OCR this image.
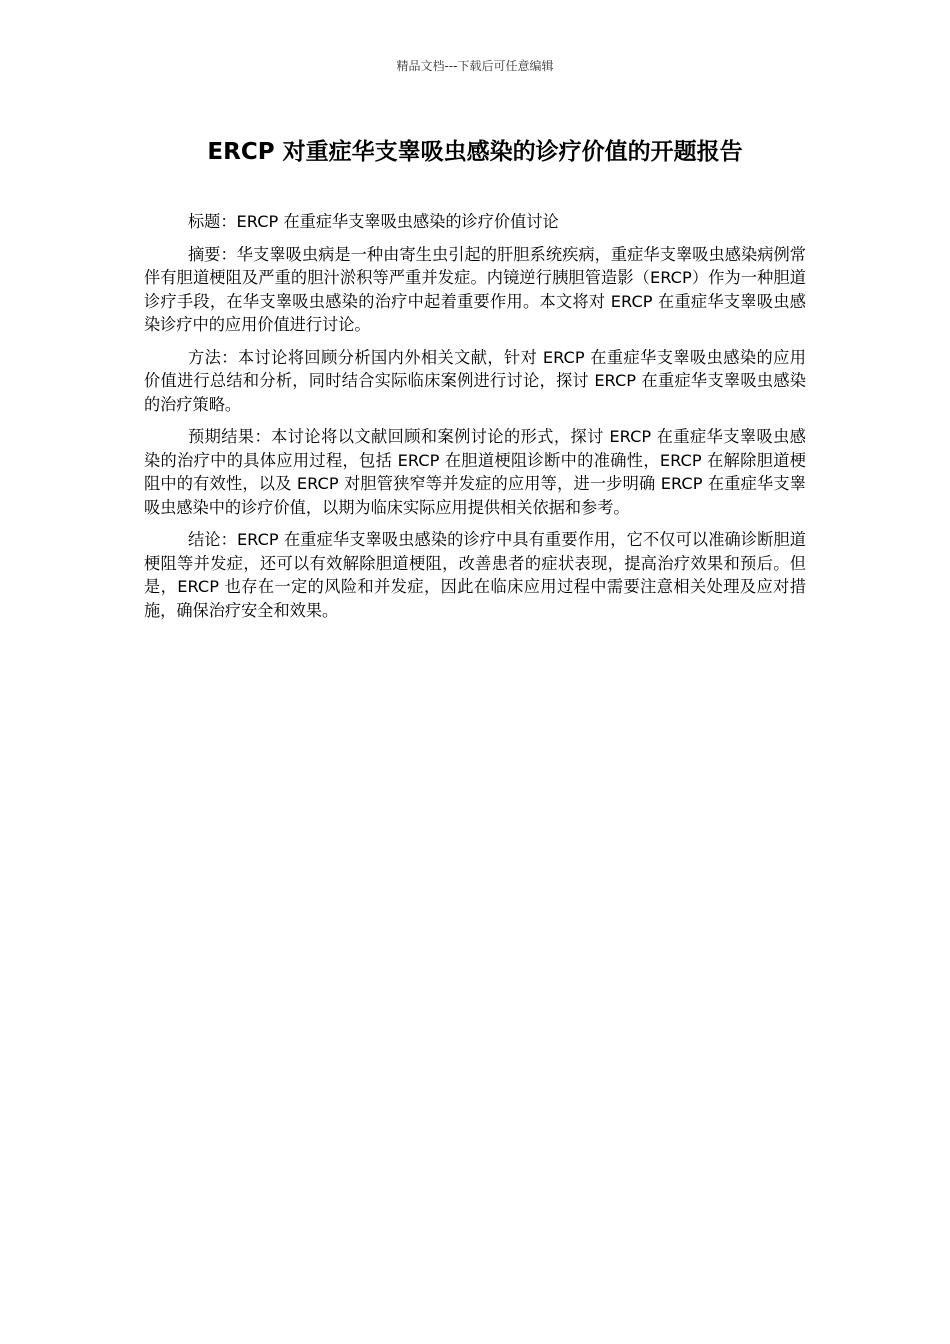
精品文档---下载后可任意编辑
ERCP 对重症华支睾吸虫感染的诊疗价值的开题报告

标题：ERCP 在重症华支睾吸虫感染的诊疗价值讨论

摘要：华支睾吸虫病是一种由寄生虫引起的肝胆系统疾病，重症华支睾吸虫感染病例常伴有胆道梗阻及严重的胆汁淤积等严重并发症。内镜逆行胰胆管造影（ERCP）作为一种胆道诊疗手段，在华支睾吸虫感染的治疗中起着重要作用。本文将对 ERCP 在重症华支睾吸虫感染诊疗中的应用价值进行讨论。

方法：本讨论将回顾分析国内外相关文献，针对 ERCP 在重症华支睾吸虫感染的应用价值进行总结和分析，同时结合实际临床案例进行讨论，探讨 ERCP 在重症华支睾吸虫感染的治疗策略。

预期结果：本讨论将以文献回顾和案例讨论的形式，探讨 ERCP 在重症华支睾吸虫感染的治疗中的具体应用过程，包括 ERCP 在胆道梗阻诊断中的准确性，ERCP 在解除胆道梗阻中的有效性，以及 ERCP 对胆管狭窄等并发症的应用等，进一步明确 ERCP 在重症华支睾吸虫感染中的诊疗价值，以期为临床实际应用提供相关依据和参考。

结论：ERCP 在重症华支睾吸虫感染的诊疗中具有重要作用，它不仅可以准确诊断胆道梗阻等并发症，还可以有效解除胆道梗阻，改善患者的症状表现，提高治疗效果和预后。但是，ERCP 也存在一定的风险和并发症，因此在临床应用过程中需要注意相关处理及应对措施，确保治疗安全和效果。
